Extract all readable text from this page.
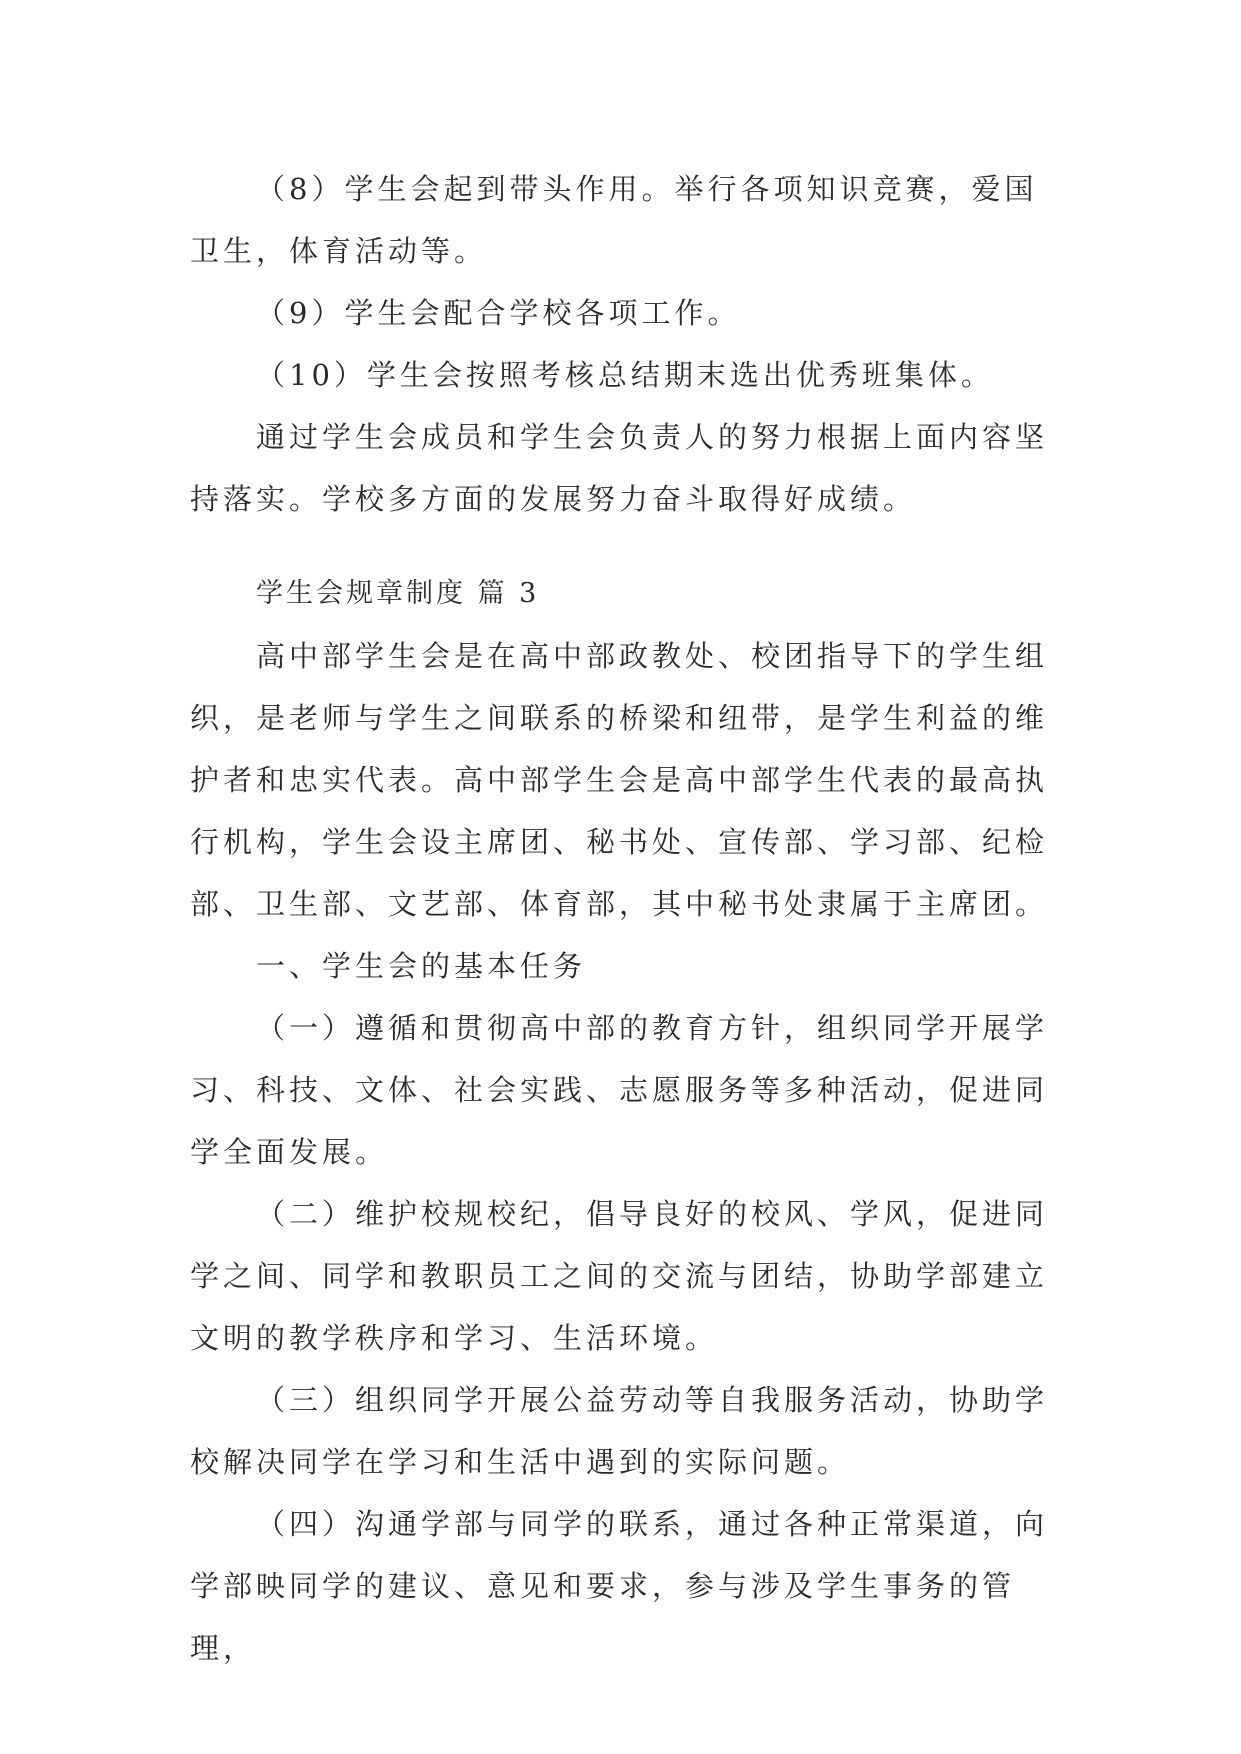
（8）学生会起到带头作用。举行各项知识竞赛，爱国卫生，体育活动等。

（9）学生会配合学校各项工作。

（10）学生会按照考核总结期末选出优秀班集体。

通过学生会成员和学生会负责人的努力根据上面内容坚持落实。学校多方面的发展努力奋斗取得好成绩。

学生会规章制度 篇 3

高中部学生会是在高中部政教处、校团指导下的学生组织，是老师与学生之间联系的桥梁和纽带，是学生利益的维护者和忠实代表。高中部学生会是高中部学生代表的最高执行机构，学生会设主席团、秘书处、宣传部、学习部、纪检部、卫生部、文艺部、体育部，其中秘书处隶属于主席团。

一、学生会的基本任务

（一）遵循和贯彻高中部的教育方针，组织同学开展学习、科技、文体、社会实践、志愿服务等多种活动，促进同学全面发展。

（二）维护校规校纪，倡导良好的校风、学风，促进同学之间、同学和教职员工之间的交流与团结，协助学部建立文明的教学秩序和学习、生活环境。

（三）组织同学开展公益劳动等自我服务活动，协助学校解决同学在学习和生活中遇到的实际问题。

（四）沟通学部与同学的联系，通过各种正常渠道，向学部映同学的建议、意见和要求，参与涉及学生事务的管理，
